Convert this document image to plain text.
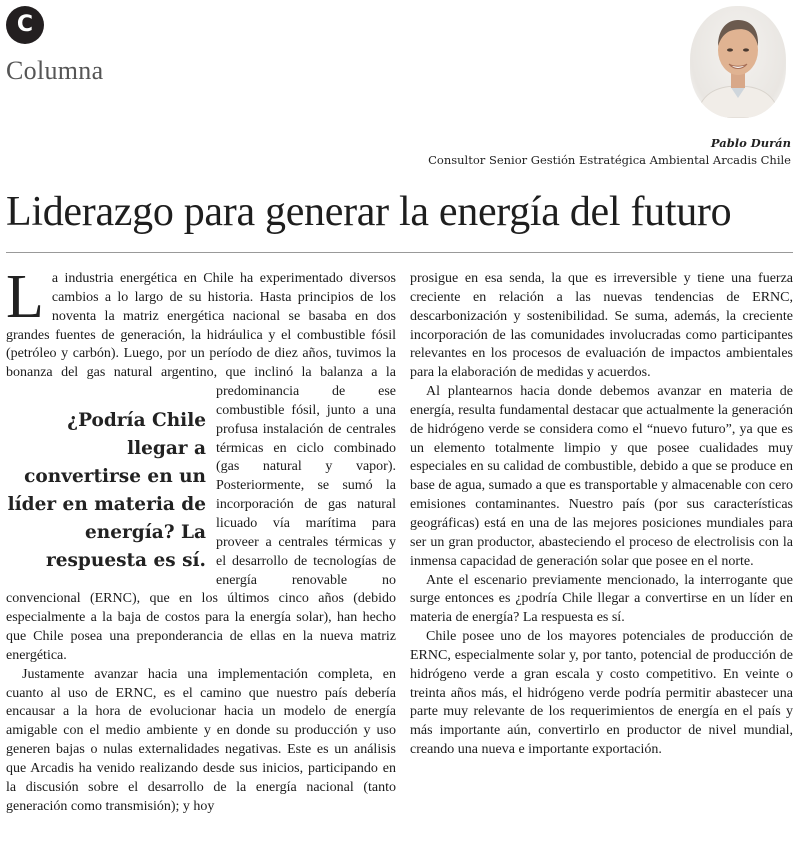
C
Columna
Pablo Durán
Consultor Senior Gestión Estratégica Ambiental Arcadis Chile
Liderazgo para generar la energía del futuro

La industria energética en Chile ha experimentado diversos cambios a lo largo de su historia. Hasta principios de los noventa la matriz energética nacional se basaba en dos grandes fuentes de generación, la hidráulica y el combustible fósil (petróleo y carbón). Luego, por un período de diez años, tuvimos la bonanza del gas natural argentino, que
¿Podría Chile llegar a convertirse en un líder en materia de energía? La respuesta es sí.
inclinó la balanza a la predominancia de ese combustible fósil, junto a una profusa instalación de centrales térmicas en ciclo combinado (gas natural y vapor). Posteriormente, se sumó la incorporación de gas natural licuado vía marítima para proveer a centrales térmicas y el desarrollo de tecnologías de energía renovable no convencional (ERNC), que en los últimos cinco años (debido especialmente a la baja de costos para la energía solar), han hecho que Chile posea una preponderancia de ellas en la nueva matriz energética.

Justamente avanzar hacia una implementación completa, en cuanto al uso de ERNC, es el camino que nuestro país debería encausar a la hora de evolucionar hacia un modelo de energía amigable con el medio ambiente y en donde su producción y uso generen bajas o nulas externalidades negativas. Este es un análisis que Arcadis ha venido realizando desde sus inicios, participando en la discusión sobre el desarrollo de la energía nacional (tanto generación como transmisión); y hoy

prosigue en esa senda, la que es irreversible y tiene una fuerza creciente en relación a las nuevas tendencias de ERNC, descarbonización y sostenibilidad. Se suma, además, la creciente incorporación de las comunidades involucradas como participantes relevantes en los procesos de evaluación de impactos ambientales para la elaboración de medidas y acuerdos.

Al plantearnos hacia donde debemos avanzar en materia de energía, resulta fundamental destacar que actualmente la generación de hidrógeno verde se considera como el “nuevo futuro”, ya que es un elemento totalmente limpio y que posee cualidades muy especiales en su calidad de combustible, debido a que se produce en base de agua, sumado a que es transportable y almacenable con cero emisiones contaminantes. Nuestro país (por sus características geográficas) está en una de las mejores posiciones mundiales para ser un gran productor, abasteciendo el proceso de electrolisis con la inmensa capacidad de generación solar que posee en el norte.

Ante el escenario previamente mencionado, la interrogante que surge entonces es ¿podría Chile llegar a convertirse en un líder en materia de energía? La respuesta es sí.

Chile posee uno de los mayores potenciales de producción de ERNC, especialmente solar y, por tanto, potencial de producción de hidrógeno verde a gran escala y costo competitivo. En veinte o treinta años más, el hidrógeno verde podría permitir abastecer una parte muy relevante de los requerimientos de energía en el país y más importante aún, convertirlo en productor de nivel mundial, creando una nueva e importante exportación.
